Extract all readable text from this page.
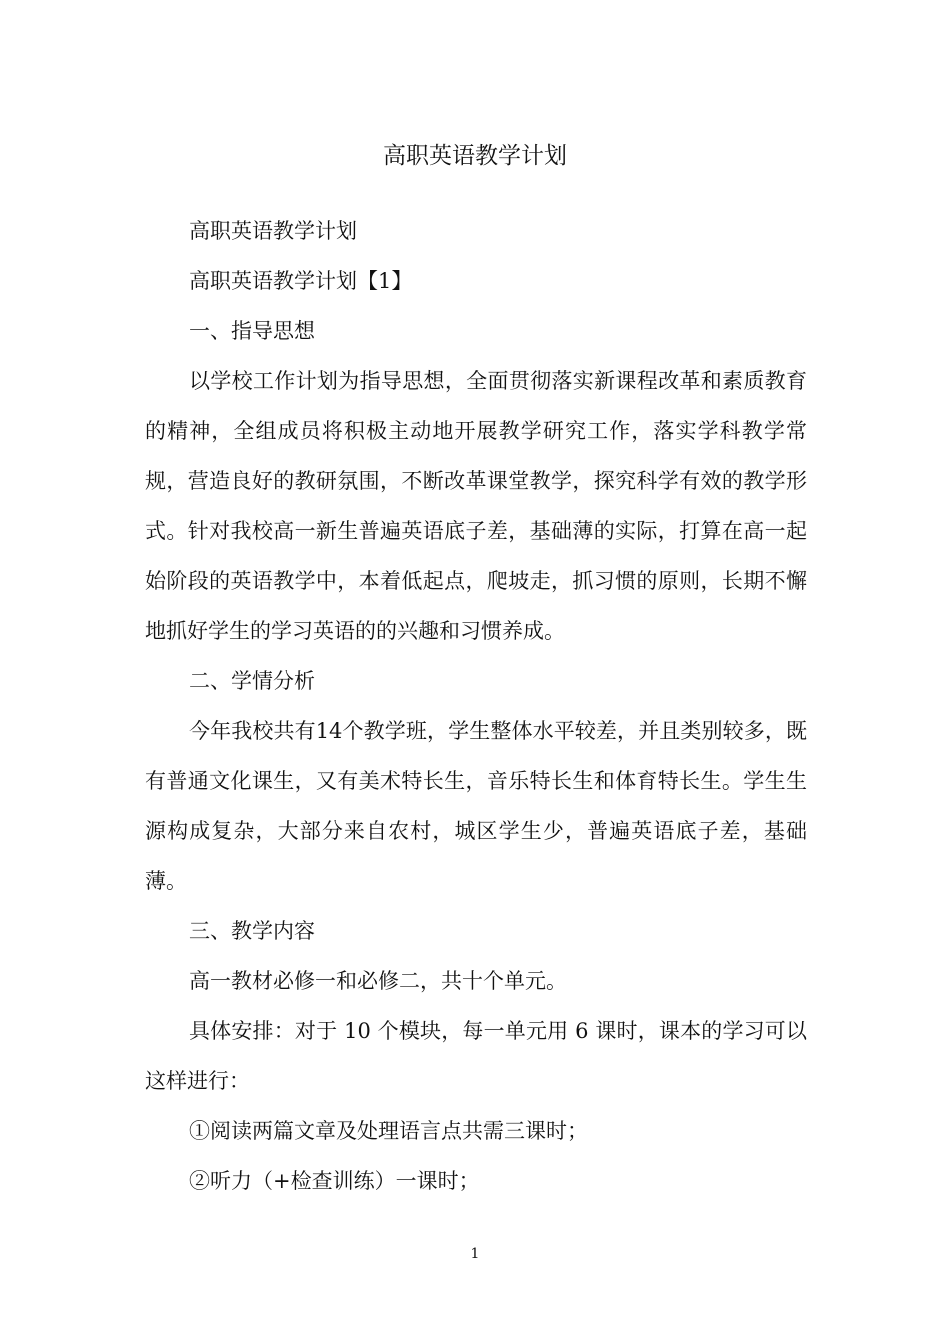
高职英语教学计划

高职英语教学计划

高职英语教学计划【1】

一、指导思想

以学校工作计划为指导思想，全面贯彻落实新课程改革和素质教育的精神，全组成员将积极主动地开展教学研究工作，落实学科教学常规，营造良好的教研氛围，不断改革课堂教学，探究科学有效的教学形式。针对我校高一新生普遍英语底子差，基础薄的实际，打算在高一起始阶段的英语教学中，本着低起点，爬坡走，抓习惯的原则，长期不懈地抓好学生的学习英语的的兴趣和习惯养成。

二、学情分析

今年我校共有14个教学班，学生整体水平较差，并且类别较多，既有普通文化课生，又有美术特长生，音乐特长生和体育特长生。学生生源构成复杂，大部分来自农村，城区学生少，普遍英语底子差，基础薄。

三、教学内容

高一教材必修一和必修二，共十个单元。

具体安排：对于 10 个模块，每一单元用 6 课时，课本的学习可以这样进行：

①阅读两篇文章及处理语言点共需三课时；

②听力（+检查训练）一课时；

1
